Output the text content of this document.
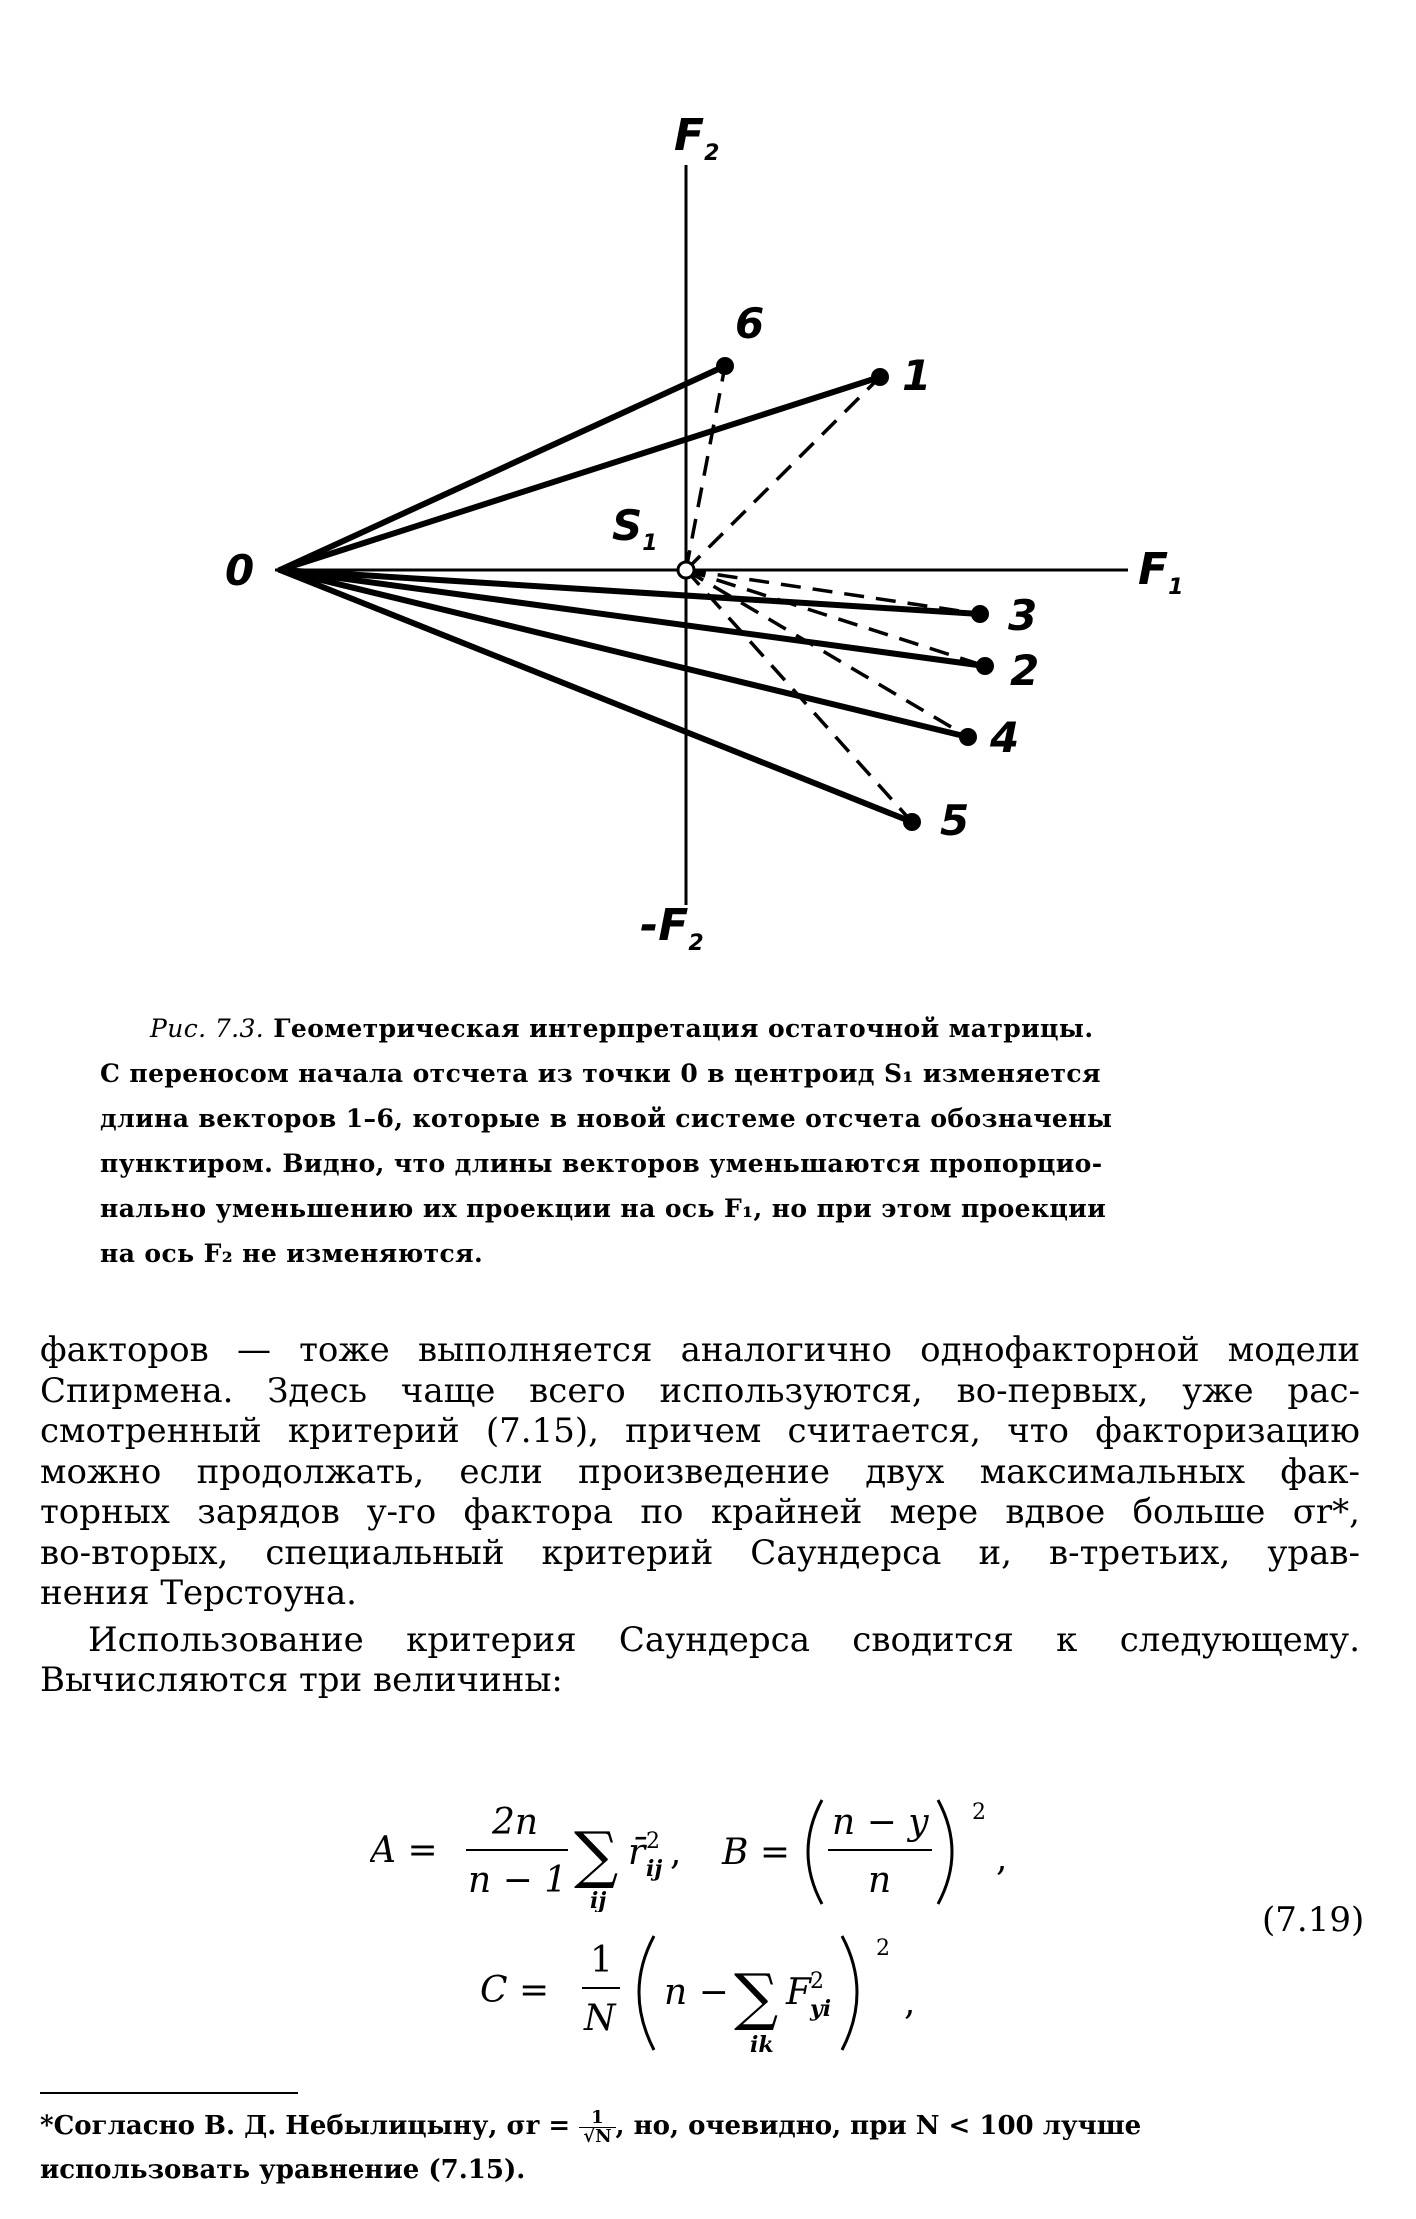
$F_2$
$-F_2$
$F_1$
0
$S_1$
6
1
3
2
4
5
Рис. 7.3. Геометрическая интерпретация остаточной матрицы.
С переносом начала отсчета из точки 0 в центроид S₁ изменяется
длина векторов 1–6, которые в новой системе отсчета обозначены
пунктиром. Видно, что длины векторов уменьшаются пропорцио-
нально уменьшению их проекции на ось F₁, но при этом проекции
на ось F₂ не изменяются.
факторов — тоже выполняется аналогично однофакторной модели
Спирмена. Здесь чаще всего используются, во-первых, уже рас-
смотренный критерий (7.15), причем считается, что факторизацию
можно продолжать, если произведение двух максимальных фак-
торных зарядов y-го фактора по крайней мере вдвое больше σr*,
во-вторых, специальный критерий Саундерса и, в-третьих, урав-
нения Терстоуна.
Использование критерия Саундерса сводится к следующему.
Вычисляются три величины:
A =
2n
n − 1 ∑
ij
r̄ 2
ij , B =
n − y
n
2
,
(7.19)
C =
1
N
n − ∑
ik
F 2
yi
2
,
*Согласно В. Д. Небылицыну, $\sigma r = \frac{1}{√N}$ , но, очевидно, при N < 100 лучше
использовать уравнение (7.15).
